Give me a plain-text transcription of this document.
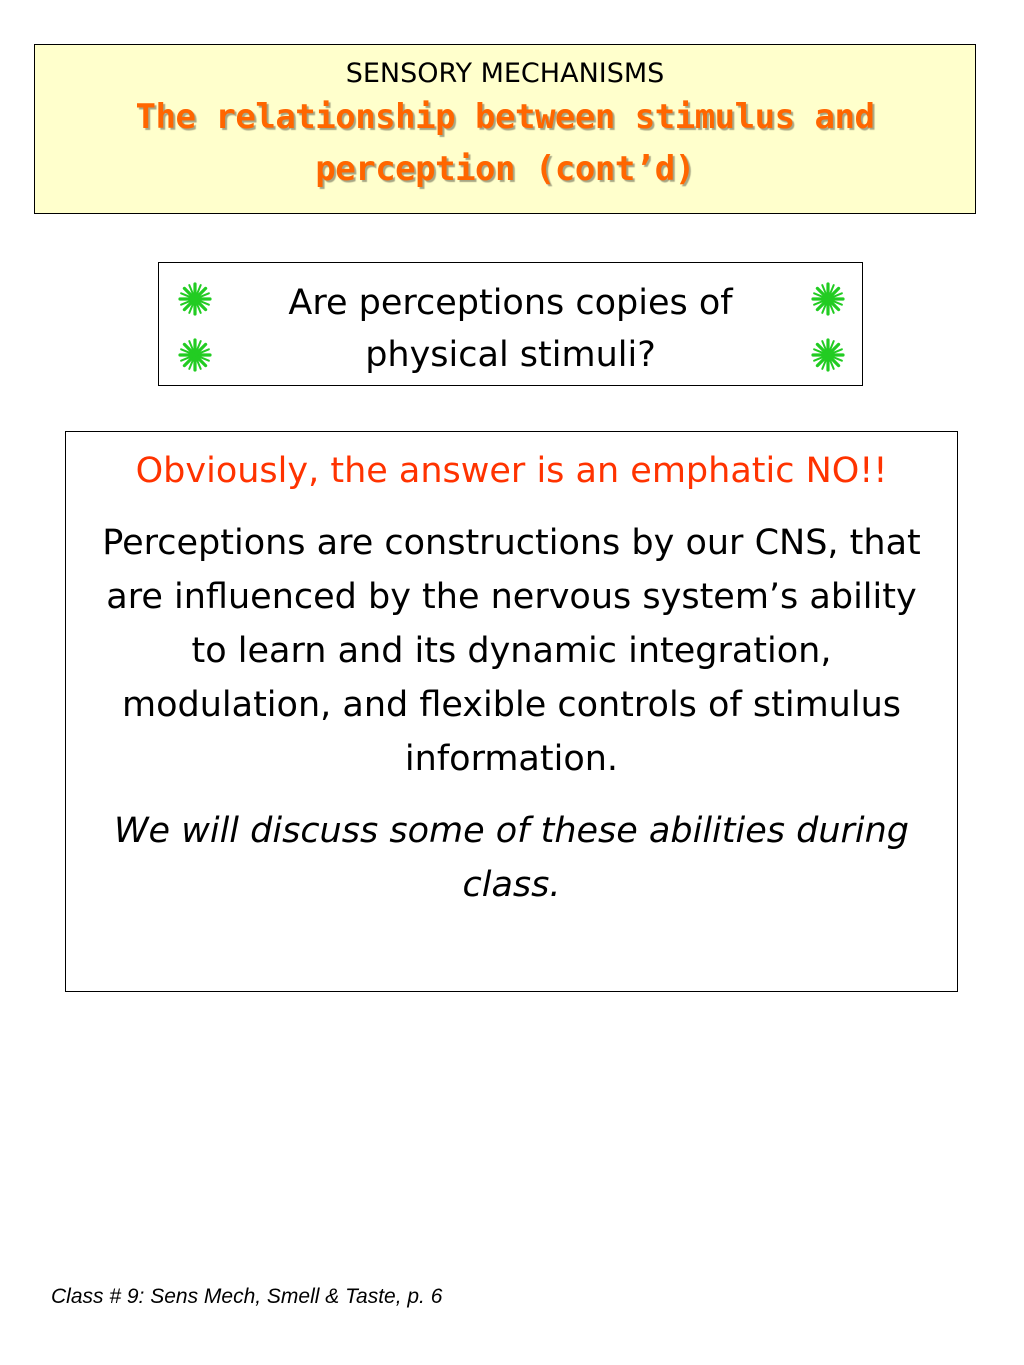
SENSORY MECHANISMS
The relationship between stimulus and perception (cont’d)
Are perceptions copies of physical stimuli?

Obviously, the answer is an emphatic NO!!

Perceptions are constructions by our CNS, that are influenced by the nervous system’s ability to learn and its dynamic integration, modulation, and flexible controls of stimulus information.

We will discuss some of these abilities during class.

Class # 9: Sens Mech, Smell & Taste, p. 6
